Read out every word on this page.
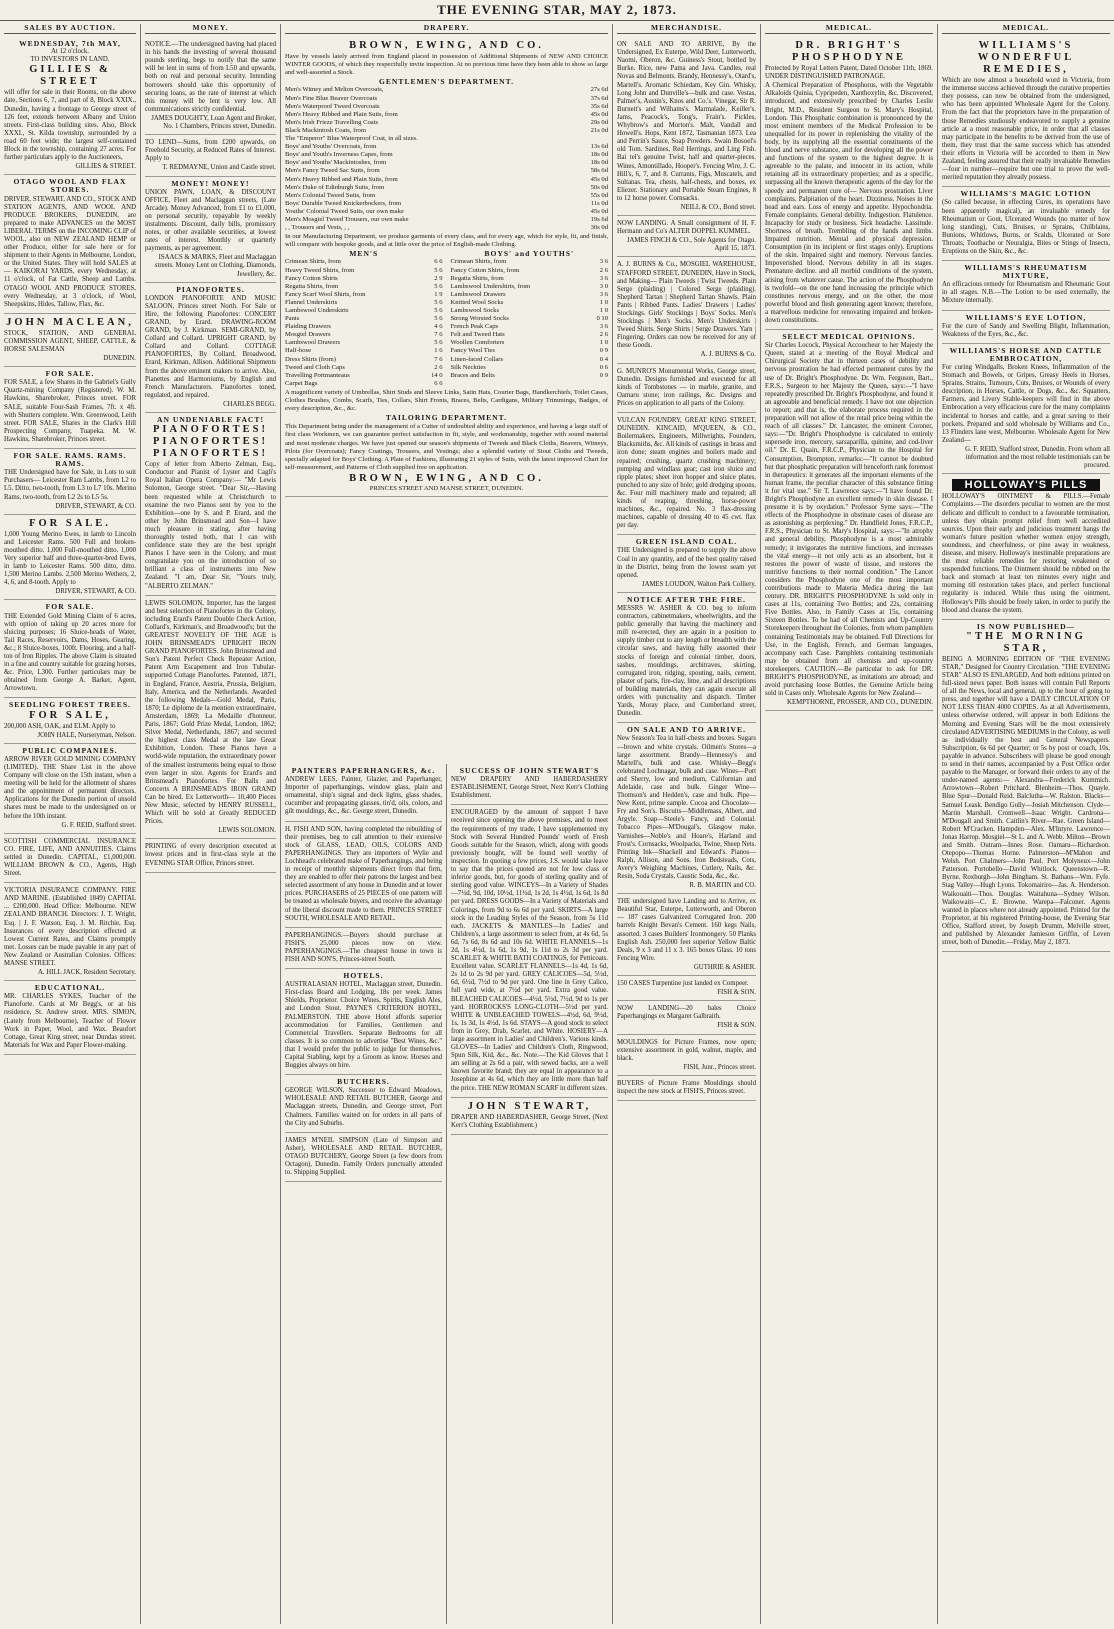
THE EVENING STAR, MAY 2, 1873.
SALES BY AUCTION.
WEDNESDAY, 7th MAY,
At 12 o'clock.
TO INVESTORS IN LAND.
GILLIES & STREET

will offer for sale in their Rooms, on the above date, Sections 6, 7, and part of 8, Block XXIX., Dunedin, having a frontage to George street of 126 feet, extends between Albany and Union streets. First-class building sites. Also, Block XXXI., St. Kilda township, surrounded by a road 60 feet wide; the largest self-contained Block in the township, containing 27 acres. For further particulars apply to the Auctioneers,

GILLIES & STREET.
OTAGO WOOL AND FLAX STORES.

DRIVER, STEWART, AND CO., STOCK AND STATION AGENTS, AND WOOL AND PRODUCE BROKERS, DUNEDIN, are prepared to make ADVANCES on the MOST LIBERAL TERMS on the INCOMING CLIP of WOOL, also on NEW ZEALAND HEMP or other Produce, either for sale here or for shipment to their Agents in Melbourne, London, or the United States. They will hold SALES at— KAIKORAI YARDS, every Wednesday, at 11 o'clock, of Fat Cattle, Sheep and Lambs. OTAGO WOOL AND PRODUCE STORES, every Wednesday, at 3 o'clock, of Wool, Sheepskins, Hides, Tallow, Flax, &c.

JOHN MACLEAN,

STOCK, STATION, AND GENERAL COMMISSION AGENT, SHEEP, CATTLE, & HORSE SALESMAN

DUNEDIN.
FOR SALE.

FOR SALE, a few Shares in the Gabriel's Gully Quartz-mining Company (Registered). W. M. Hawkins, Sharebroker, Princes street. FOR SALE, suitable Four-Sash Frames, 7ft. x 4ft. with Shutters complete. Wm. Greenwood, Leith street. FOR SALE, Shares in the Clark's Hill Prospecting Company, Tuapeka. M. W. Hawkins, Sharebroker, Princes street.

FOR SALE. RAMS. RAMS. RAMS.

THE Undersigned have for Sale, in Lots to suit Purchasers— Leicester Ram Lambs, from L2 to L5. Ditto, two-tooth, from L3 to L7 10s. Merino Rams, two-tooth, from L2 2s to L5 5s.

DRIVER, STEWART, & CO.
FOR SALE.

1,000 Young Merino Ewes, in lamb to Lincoln and Leicester Rams. 500 Full and broken-mouthed ditto. 1,000 Full-mouthed ditto. 1,000 Very superior half and three-quarter-bred Ewes, in lamb to Leicester Rams. 500 ditto, ditto. 1,500 Merino Lambs. 2,500 Merino Wethers, 2, 4, 6, and 8-tooth. Apply to

DRIVER, STEWART, & CO.
FOR SALE.

THE Extended Gold Mining Claim of 6 acres, with option of taking up 20 acres more for sluicing purposes; 16 Sluice-heads of Water, Tail Races, Reservoirs, Dams, Hoses, Gearing, &c.; 8 Sluice-boxes, 100ft. Flooring, and a half-ton of Iron Ripples. The above Claim is situated in a fine and country suitable for grazing horses, &c. Price, L300. Further particulars may be obtained from George A. Barker, Agent, Arrowtown.

SEEDLING FOREST TREES.
FOR SALE,

200,000 ASH, OAK, and ELM. Apply to

JOHN HALE, Nurseryman, Nelson.
PUBLIC COMPANIES.

ARROW RIVER GOLD MINING COMPANY (LIMITED). THE Share List in the above Company will close on the 15th instant, when a meeting will be held for the allotment of shares and the appointment of permanent directors. Applications for the Dunedin portion of unsold shares must be made to the undersigned on or before the 10th instant.

G. F. REID, Stafford street.

SCOTTISH COMMERCIAL INSURANCE CO. FIRE, LIFE, AND ANNUITIES. Claims settled in Dunedin. CAPITAL, £1,000,000. WILLIAM BROWN & CO., Agents, High Street.

VICTORIA INSURANCE COMPANY. FIRE AND MARINE. (Established 1849) CAPITAL ... £200,000. Head Office: Melbourne. NEW ZEALAND BRANCH. Directors: J. T. Wright, Esq. | J. F. Watson, Esq. J. M. Ritchie, Esq. Insurances of every description effected at Lowest Current Rates, and Claims promptly met. Losses can be made payable in any part of New Zealand or Australian Colonies. Offices: MANSE STREET.

A. HILL JACK, Resident Secretary.
EDUCATIONAL.

MR. CHARLES SYKES, Teacher of the Pianoforte. Cards at Mr Begg's, or at his residence, St. Andrew street. MRS. SIMON, (Lately from Melbourne), Teacher of Flower Work in Paper, Wool, and Wax. Beaufort Cottage, Great King street, near Dundas street. Materials for Wax and Paper Flower-making.

MONEY.

NOTICE.—The undersigned having had placed in his hands the investing of several thousand pounds sterling, begs to notify that the same will be lent in sums of from L50 and upwards, both on real and personal security. Intending borrowers should take this opportunity of securing loans, as the rate of interest at which this money will be lent is very low. All communications strictly confidential.

JAMES DOUGHTY, Loan Agent and Broker, No. 1 Chambers, Princes street, Dunedin.

TO LEND—Sums, from £200 upwards, on Freehold Security, at Reduced Rates of Interest. Apply to

T. REDMAYNE, Union and Castle street.
MONEY! MONEY!

UNION PAWN, LOAN, & DISCOUNT OFFICE, Fleet and Maclaggan streets, (Late Arcade). Money Advanced, from £1 to £1,000, on personal security, repayable by weekly instalments. Discount, daily bills, promissory notes, or other available securities, at lowest rates of interest. Monthly or quarterly payments, as per agreement.

ISAACS & MARKS, Fleet and Maclaggan streets. Money Lent on Clothing, Diamonds, Jewellery, &c.
PIANOFORTES.

LONDON PIANOFORTE AND MUSIC SALOON, Princes street North. For Sale or Hire, the following Pianofortes: CONCERT GRAND, by Erard. DRAWING-ROOM GRAND, by J. Kirkman. SEMI-GRAND, by Collard and Collard. UPRIGHT GRAND, by Collard and Collard. COTTAGE PIANOFORTES, By Collard, Broadwood, Erard, Kirkman, Allison. Additional Shipments from the above eminent makers to arrive. Also, Pianettes and Harmoniums, by English and French Manufacturers. Pianofortes toned, regulated, and repaired.

CHARLES BEGG.
AN UNDENIABLE FACT!
PIANOFORTES! PIANOFORTES! PIANOFORTES!

Copy of letter from Alberto Zelman, Esq., Conductor and Pianist of Lyster and Cagli's Royal Italian Opera Company:— "Mr Lewis Solomon, George street. "Dear Sir,—Having been requested while at Christchurch to examine the two Pianos sent by you to the Exhibition—one by S. and P. Erard, and the other by John Brinsmead and Son—I have much pleasure in stating, after having thoroughly tested both, that I can with confidence state they are the best upright Pianos I have seen in the Colony, and must congratulate you on the introduction of so brilliant a class of instruments into New Zealand. "I am, Dear Sir, "Yours truly, "ALBERTO ZELMAN."

LEWIS SOLOMON, Importer, has the largest and best selection of Pianofortes in the Colony, including Erard's Patent Double Check Action, Collard's, Kirkman's, and Broadwood's; but the GREATEST NOVELTY OF THE AGE is JOHN BRINSMEAD'S UPRIGHT IRON GRAND PIANOFORTES. John Brinsmead and Son's Patent Perfect Check Repeater Action, Patent Arm Escapement and Iron Tubular-supported Cottage Pianofortes. Patented, 1871, in England, France, Austria, Prussia, Belgium, Italy, America, and the Netherlands. Awarded the following Medals—Gold Medal, Paris, 1870; Le diplome de la mention extraordinaire, Amsterdam, 1869; La Medaille d'honneur, Paris, 1867; Gold Prize Medal, London, 1862; Silver Medal, Netherlands, 1867; and secured the highest class Medal at the late Great Exhibition, London. These Pianos have a world-wide reputation, the extraordinary power of the smallest instruments being equal to those even larger in size. Agents for Erard's and Brinsmead's Pianofortes. For Balls and Concerts A BRINSMEAD'S IRON GRAND Can be hired. Ex Letterworth— 10,400 Pieces New Music, selected by HENRY RUSSELL, Which will be sold at Greatly REDUCED Prices.

LEWIS SOLOMON.

PRINTING of every description executed at lowest prices and in first-class style at the EVENING STAR Office, Princes street.

DRAPERY.
BROWN, EWING, AND CO.

Have by vessels lately arrived from England placed in possession of Additional Shipments of NEW AND CHOICE WINTER GOODS, of which they respectfully invite inspection. At no previous time have they been able to show so large and well-assorted a Stock.

GENTLEMEN'S DEPARTMENT.
Men's Witney and Melton Overcoats,	27s 6d
Men's Fine Blue Beaver Overcoats	37s 6d
Men's Waterproof Tweed Overcoats	35s 6d
Men's Heavy Ribbed and Plain Suits, from	45s 0d
Men's Irish Frieze Travelling Coats	29s 0d
Black Mackintosh Coats, from	21s 0d
The "Emperor" Blue Waterproof Coat, in all sizes.
Boys' and Youths' Overcoats, from	13s 6d
Boys' and Youth's Inverness Capes, from	18s 0d
Boys' and Youths' Mackintoshes, from	18s 0d
Men's Fancy Tweed Sac Suits, from	58s 6d
Men's Heavy Ribbed and Plain Suits, from	45s 0d
Men's Duke of Edinburgh Suits, from	50s 0d
Men's Colonial Tweed Suits, from	55s 0d
Boys' Durable Tweed Knickerbockers, from	11s 0d
Youths' Colonial Tweed Suits, our own make	45s 0d
Men's Mosgiel Tweed Trousers, our own make	19s 6d
, , Trousers and Vests, , ,	30s 0d

In our Manufacturing Department, we produce garments of every class, and for every age, which for style, fit, and finish, will compare with bespoke goods, and at little over the price of English-made Clothing.

MEN'S
Crimean Shirts, from	6 6
Heavy Tweed Shirts, from	5 6
Fancy Cotton Shirts	2 9
Regatta Shirts, from	5 6
Fancy Scarf Wool Shirts, from	1 9
Flannel Underskirts	5 6
Lambswool Underskirts	5 6
Pants	5 6
Plaiding Drawers	4 6
Mosgiel Drawers	7 6
Lambswool Drawers	5 6
Half-hose	1 6
Dress Shirts (from)	7 6
Tweed and Cloth Caps	2 6
Travelling Portmanteaus	14 0
Carpet Bags	6 6
BOYS' and YOUTHS'
Crimean Shirts, from	3 6
Fancy Cotton Shirts, from	2 6
Regatta Shirts, from	3 6
Lambswool Undershirts, from	3 0
Lambswool Drawers	3 6
Knitted Wool Socks	1 0
Lambswool Socks	1 0
Strong Worsted Socks	0 10
French Peak Caps	3 6
Felt and Tweed Hats	2 6
Woollen Comforters	1 0
Fancy Wool Ties	0 9
Linen-faced Collars	0 4
Silk Neckties	0 6
Braces and Belts	0 9

A magnificent variety of Umbrellas, Shirt Studs and Sleeve Links, Satin Hats, Courier Bags, Handkerchiefs, Toilet Cases, Clothes Brushes, Combs, Scarfs, Ties, Collars, Shirt Fronts, Braces, Belts, Cardigans, Military Trimmings, Badges, of every description, &c., &c.

TAILORING DEPARTMENT.

This Department being under the management of a Cutter of undoubted ability and experience, and having a large staff of first class Workmen, we can guarantee perfect satisfaction in fit, style, and workmanship, together with sound material and most moderate charges. We have just opened our season's shipments of Tweeds and Black Cloths, Beavers, Witneys, Pilots (for Overcoats); Fancy Coatings, Trousers, and Vestings; also a splendid variety of Stout Cloths and Tweeds, specially adapted for Boys' Clothing. A Plate of Fashions, illustrating 21 styles of Suits, with the latest improved Chart for self-measurement, and Patterns of Cloth supplied free on application.

BROWN, EWING, AND CO.
PRINCES STREET AND MANSE STREET, DUNEDIN.
PAINTERS PAPERHANGERS, &c.

ANDREW LEES, Painter, Glazier, and Paperhanger, Importer of paperhangings, window glass, plain and ornamental, ship's signal and deck lights, glass shades, cucumber and propagating glasses, tin'd, oils, colors, and gilt mouldings, &c., &c. George street, Dunedin.

H. FISH AND SON, having completed the rebuilding of their premises, beg to call attention to their extensive stock of GLASS, LEAD, OILS, COLORS AND PAPERHANGINGS. They are importers of Wylie and Lochhead's celebrated make of Paperhangings, and being in receipt of monthly shipments direct from that firm, they are enabled to offer their patrons the largest and best selected assortment of any house in Dunedin and at lower prices. PURCHASERS of 25 PIECES of one pattern will be treated as wholesale buyers, and receive the advantage of the liberal discount made to them. PRINCES STREET SOUTH, WHOLESALE AND RETAIL.

PAPERHANGINGS.—Buyers should purchase at FISH'S. 25,000 pieces now on view. PAPERHANGINGS.—The cheapest house in town is FISH AND SON'S, Princes-street South.

HOTELS.

AUSTRALASIAN HOTEL, Maclaggan street, Dunedin. First-class Board and Lodging, 18s per week. James Shields, Proprietor. Choice Wines, Spirits, English Ales, and London Stout. PAYNE'S CRITERION HOTEL, PALMERSTON. THE above Hotel affords superior accommodation for Families, Gentlemen and Commercial Travellers. Separate Bedrooms for all classes. It is so common to advertise "Best Wines, &c." that I would prefer the public to judge for themselves. Capital Stabling, kept by a Groom as know. Horses and Buggies always on hire.

BUTCHERS.

GEORGE WILSON, Successor to Edward Meadows, WHOLESALE AND RETAIL BUTCHER, George and Maclaggan streets, Dunedin, and George street, Port Chalmers. Families waited on for orders in all parts of the City and Suburbs.

JAMES M'NEIL SIMPSON (Late of Simpson and Asher), WHOLESALE AND RETAIL BUTCHER, OTAGO BUTCHERY, George Street (a few doors from Octagon), Dunedin. Family Orders punctually attended to. Shipping Supplied.

SUCCESS OF JOHN STEWART'S

NEW DRAPERY AND HABERDASHERY ESTABLISHMENT, George Street, Next Kerr's Clothing Establishment.

ENCOURAGED by the amount of support I have received since opening the above premises, and to meet the requirements of my trade, I have supplemented my Stock with Several Hundred Pounds' worth of Fresh Goods suitable for the Season, which, along with goods previously bought, will be found well worthy of inspection. In quoting a few prices, J.S. would take leave to say that the prices quoted are not for low class or inferior goods, but, for goods of sterling quality and of sterling good value. WINCEYS—In a Variety of Shades—7½d, 9d, 10d, 10½d, 11½d, 1s 2d, 1s 4½d, 1s 6d, 1s 8d per yard. DRESS GOODS—In a Variety of Materials and Colorings, from 9d to 6s 6d per yard. SKIRTS—A large stock in the Leading Styles of the Season, from 5s 11d each. JACKETS & MANTLES—In Ladies' and Children's, a large assortment to select from, at 4s 6d, 5s 6d, 7s 6d, 8s 6d and 10s 6d. WHITE FLANNELS—1s 2d, 1s 4½d, 1s 6d, 1s 9d, 1s 11d to 2s 3d per yard. SCARLET & WHITE BATH COATINGS, for Petticoats. Excellent value. SCARLET FLANNELS—1s 4d, 1s 6d, 2s 1d to 2s 9d per yard. GREY CALICOES—5d, 5½d, 6d, 6½d, 7½d to 9d per yard. One line in Grey Calico, full yard wide, at 7½d per yard. Extra good value. BLEACHED CALICOES—4½d, 5½d, 7½d, 9d to 1s per yard. HORROCKS'S LONG-CLOTH—5½d per yard. WHITE & UNBLEACHED TOWELS—4½d, 6d, 9½d, 1s, 1s 3d, 1s 4½d, 1s 6d. STAYS—A good stock to select from in Grey, Drab, Scarlet, and White. HOSIERY—A large assortment in Ladies' and Children's. Various kinds. GLOVES—In Ladies' and Children's Cloth, Ringwood, Spun Silk, Kid, &c., &c. Note.—The Kid Gloves that I am selling at 2s 6d a pair, with sewed backs, are a well known favorite brand; they are equal in appearance to a Josephine at 4s 6d, which they are little more than half the price. THE NEW ROMAN SCARF in different sizes.

JOHN STEWART,

DRAPER AND HABERDASHER, George Street, (Next Kerr's Clothing Establishment.)

MERCHANDISE.

ON SALE AND TO ARRIVE, By the Undersigned, Ex Euterpe, Wild Deer, Lutterworth, Naomi, Oberon, &c. Guiness's Stout, bottled by Burke. Rice, new Patna and Java. Candles, real Novas and Belmonts. Brandy, Hennessy's, Otard's, Martell's. Aromatic Schiedam, Key Gin. Whisky, Long John and Dunville's—bulk and case. Vestas, Palmer's, Austin's, Knos and Co.'s. Vinegar, Sir R. Burnett's and Wilhams's. Marmalade, Keiller's. Jams, Peacock's, Tong's, Frain's. Pickles, Whybrow's and Morton's. Malt, Vandall and Howell's. Hops, Kent 1872, Tasmanian 1873. Lea and Perrin's Sauce, Soap Powders. Swain Bosoel's old Tom. Sardines, Red Herrings, and Ling Fish. Bai tel's genuine Twist, half and quarter-pieces. Wines, Amontillado, Hooper's. Fencing Wire, J. C. Hill's, 6, 7, and 8. Currants, Figs, Muscatels, and Sultanas. Tea, chests, half-chests, and boxes, ex Eliezer. Stationary and Portable Steam Engines, 8 to 12 horse power. Cornsacks.

NEILL & CO., Bond street.

NOW LANDING. A Small consignment of H. F. Hermann and Co's ALTER DOPPEL KUMMEL.

JAMES FINCH & CO., Sole Agents for Otago. April 15, 1873.

A. J. BURNS & Co., MOSGIEL WAREHOUSE, STAFFORD STREET, DUNEDIN, Have in Stock, and Making— Plain Tweeds | Twist Tweeds. Plain Serge (plaiding) | Colored Serge (plaiding). Shepherd Tartan | Shepherd Tartan Shawls. Plain Pants | Ribbed Pants. Ladies' Drawers | Ladies' Stockings. Girls' Stockings | Boys' Socks. Men's Stockings | Men's Socks. Men's Underskirts | Tweed Shirts. Serge Shirts | Serge Drawers. Yarn | Fingering. Orders can now be received for any of these Goods.

A. J. BURNS & Co.

G. MUNRO'S Monumental Works, George street, Dunedin. Designs furnished and executed for all kinds of Tombstones — in marble, granite, and Oamaru stone; iron railings, &c. Designs and Prices on application to all parts of the Colony.

VULCAN FOUNDRY, GREAT KING STREET, DUNEDIN. KINCAID, M'QUEEN, & CO., Boilermakers, Engineers, Millwrights, Founders, Blacksmiths, &c. All kinds of castings in brass and iron done; steam engines and boilers made and repaired; crushing, quartz crushing machinery; pumping and windlass gear; cast iron sluice and ripple plates; sheet iron hopper and sluice plates, punched to any size of hole; gold dredging spoons, &c. Four mill machinery made and repaired; all kinds of reaping, threshing, horse-power machines, &c., repaired. No. 3 flax-dressing machines, capable of dressing 40 to 45 cwt. flax per day.

GREEN ISLAND COAL.

THE Undersigned is prepared to supply the above Coal in any quantity, and of the best quality raised in the District, being from the lowest seam yet opened.

JAMES LOUDON, Walton Park Colliery.
NOTICE AFTER THE FIRE.

MESSRS W. ASHER & CO. beg to inform contractors, cabinetmakers, wheelwrights, and the public generally that having the machinery and mill re-erected, they are again in a position to supply timber cut to any length or breadth with the circular saws, and having fully assorted their stocks of foreign and colonial timber, doors, sashes, mouldings, architraves, skirting, corrugated iron, ridging, spouting, nails, cement, plaster of paris, fire-clay, lime, and all descriptions of building materials, they can again execute all orders with punctuality and dispatch. Timber Yards, Moray place, and Cumberland street, Dunedin.

ON SALE AND TO ARRIVE.

New Season's Tea in half-chests and boxes. Sugars—brown and white crystals. Oilmen's Stores—a large assortment. Brandy—Hennessy's and Martell's, bulk and case. Whisky—Begg's celebrated Lochnagar, bulk and case. Wines—Port and Sherry, low and medium, Californian and Adelaide, case and bulk. Ginger Wine—Thomson's and Hedden's, case and bulk. Pipe—New Kent, prime sample. Cocoa and Chocolate—Fry and Son's. Biscuits—Middlemass, Albert, and Argyle. Soap—Steele's Fancy, and Colonial. Tobacco Pipes—M'Dougal's, Glasgow make. Varnishes—Noble's and Hoare's, Harland and Frost's. Cornsacks, Woolpacks, Twine, Sheep Nets. Printing Ink—Shackell and Edward's. Pianos—Ralph, Allison, and Sons. Iron Bedsteads, Cots, Avery's Weighing Machines, Cutlery, Nails, &c. Resin, Soda Crystals, Caustic Soda, &c., &c.

R. B. MARTIN and CO.

THE undersigned have Landing and to Arrive, ex Beautiful Star, Euterpe, Lutterworth, and Oberon— 187 cases Galvanized Corrugated Iron. 200 barrels Knight Bevan's Cement. 160 kegs Nails, assorted. 3 cases Builders' Ironmongery. 50 Planks English Ash. 250,000 feet superior Yellow Baltic Deals, 9 x 3 and 11 x 3. 165 boxes Glass. 10 tons Fencing Wire.

GUTHRIE & ASHER.

150 CASES Turpentine just landed ex Compeer.

FISH & SON.

NOW LANDING—20 bales Choice Paperhangings ex Margaret Galbraith.

FISH & SON.

MOULDINGS for Picture Frames, now open; extensive assortment in gold, walnut, maple, and black.

FISH, Junr., Princes street.

BUYERS of Picture Frame Mouldings should inspect the new stock at FISH'S, Princes street.

MEDICAL.
DR. BRIGHT'S PHOSPHODYNE

Protected by Royal Letters Patent, Dated October 11th, 1869. UNDER DISTINGUISHED PATRONAGE.

A Chemical Preparation of Phosphorus, with the Vegetable Alkaloids Quinia, Cypripeden, Xanthoxylin, &c. Discovered, introduced, and extensively prescribed by Charles Leslie Bright, M.D., Resident Surgeon to St. Mary's Hospital, London. This Phosphatic combination is pronounced by the most eminent members of the Medical Profession to be unequalled for its power in replenishing the vitality of the body, by its supplying all the essential constituents of the blood and nerve substance, and for developing all the power and functions of the system to the highest degree. It is agreeable to the palate, and innocent in its action, while retaining all its extraordinary properties; and as a specific, surpassing all the known therapeutic agents of the day for the speedy and permanent cure of— Nervous prostration. Liver complaints. Palpitation of the heart. Dizziness. Noises in the head and ears. Loss of energy and appetite. Hypochondria. Female complaints. General debility. Indigestion. Flatulence. Incapacity for study or business. Sick headache. Lassitude. Shortness of breath. Trembling of the hands and limbs. Impaired nutrition. Mental and physical depression. Consumption (in its incipient or first stages only). Eruptions of the skin. Impaired sight and memory. Nervous fancies. Impoverished blood. Nervous debility in all its stages. Premature decline. and all morbid conditions of the system, arising from whatever cause. The action of the Phosphodyne is twofold—on the one hand increasing the principle which constitutes nervous energy, and on the other, the most powerful blood and flesh generating agent known; therefore, a marvellous medicine for renovating impaired and broken-down constitutions.

SELECT MEDICAL OPINIONS.

Sir Charles Locock, Physical Accoucheur to her Majesty the Queen, stated at a meeting of the Royal Medical and Chirurgical Society that in thirteen cases of debility and nervous prostration he had effected permanent cures by the use of Dr. Bright's Phosphodyne. Dr. Wm. Ferguson, Bart., F.R.S., Surgeon to her Majesty the Queen, says:—"I have repeatedly prescribed Dr. Bright's Phosphodyne, and found it an agreeable and beneficial remedy. I have not one objection to report; and that is, the elaborate process required in the preparation will not allow of the retail price being within the reach of all classes." Dr. Lancaster, the eminent Coroner, says:—"Dr. Bright's Phosphodyne is calculated to entirely supersede iron, mercury, sarsaparilla, quinine, and cod-liver oil." Dr. E. Quain, F.R.C.P., Physician to the Hospital for Consumption, Brompton, remarks:—"It cannot be doubted but that phosphatic preparation will henceforth rank foremost in therapeutics: it generates all the important elements of the human frame, the peculiar character of this substance fitting it for vital use." Sir T. Lawrence says:—"I have found Dr. Bright's Phosphodyne an excellent remedy in skin disease. I presume it is by oxydation." Professor Syme says:—"The effects of the Phosphodyne in obstinate cases of disease are as astonishing as perplexing." Dr. Handfield Jones, F.R.C.P., F.R.S., Physician to St. Mary's Hospital, says:—"In atrophy and general debility, Phosphodyne is a most admirable remedy; it invigorates the nutritive functions, and increases the vital energy—it not only acts as an absorbent, but it restores the power of waste of tissue, and restores the nutritive functions to their normal condition." The Lancet considers the Phosphodyne one of the most important contributions made to Materia Medica during the last century. DR. BRIGHT'S PHOSPHODYNE Is sold only in cases at 11s, containing Two Bottles; and 22s, containing Five Bottles. Also, in Family Cases at 15s, containing Sixteen Bottles. To be had of all Chemists and Up-Country Storekeepers throughout the Colonies, from whom pamphlets containing Testimonials may be obtained. Full Directions for Use, in the English, French, and German languages, accompany each Case. Pamphlets containing testimonials may be obtained from all chemists and up-country storekeepers. CAUTION.—Be particular to ask for DR. BRIGHT'S PHOSPHODYNE, as imitations are abroad; and avoid purchasing loose Bottles, the Genuine Article being sold in Cases only. Wholesale Agents for New Zealand—

KEMPTHORNE, PROSSER, AND CO., DUNEDIN.
MEDICAL.
WILLIAMS'S WONDERFUL REMEDIES,

Which are now almost a household word in Victoria, from the immense success achieved through the curative properties they possess, can now be obtained from the undersigned, who has been appointed Wholesale Agent for the Colony. From the fact that the proprietors have in the preparation of those Remedies studiously endeavored to supply a genuine article at a most reasonable price, in order that all classes may participate in the benefits to be derived from the use of them, they trust that the same success which has attended their efforts in Victoria will be accorded to them in New Zealand, feeling assured that their really invaluable Remedies—four in number—require but one trial to prove the well-merited reputation they already possess.

WILLIAMS'S MAGIC LOTION

(So called because, in effecting Cures, its operations have been apparently magical), an invaluable remedy for Rheumatism or Gout, Ulcerated Wounds (no matter of how long standing), Cuts, Bruises, or Sprains, Chilblains, Bunions, Whitlows, Burns, or Scalds, Ulcerated or Sore Throats, Toothache or Neuralgia, Bites or Stings of Insects, Eruptions on the Skin, &c., &c.

WILLIAMS'S RHEUMATISM MIXTURE,

An efficacious remedy for Rheumatism and Rheumatic Gout in all stages. N.B.—The Lotion to be used externally, the Mixture internally.

WILLIAMS'S EYE LOTION,

For the cure of Sandy and Swelling Blight, Inflammation, Weakness of the Eyes, &c., &c.

WILLIAMS'S HORSE AND CATTLE EMBROCATION,

For curing Windgalls, Broken Knees, Inflammation of the Stomach and Bowels, or Gripes, Greasy Heels in Horses, Sprains, Strains, Tumours, Cuts, Bruises, or Wounds of every description, in Horses, Cattle, or Dogs, &c., &c. Squatters, Farmers, and Livery Stable-keepers will find in the above Embrocation a very efficacious cure for the many complaints incidental to horses and cattle, and a great saving to their pockets. Prepared and sold wholesale by Williams and Co., 13 Flinders lane west, Melbourne. Wholesale Agent for New Zealand—

G. F. REID, Stafford street, Dunedin. From whom all information and the most reliable testimonials can be procured.
HOLLOWAY'S PILLS

HOLLOWAY'S OINTMENT & PILLS.—Female Complaints.—The disorders peculiar to women are the most delicate and difficult to conduct to a favourable termination, unless they obtain prompt relief from well accredited sources. Upon their early and judicious treatment hangs the woman's future position whether women enjoy strength, soundness, and cheerfulness, or pine away in weakness, disease, and misery. Holloway's inestimable preparations are the most reliable remedies for restoring weakened or suspended functions. The Ointment should be rubbed on the back and stomach at least ten minutes every night and morning till restoration takes place, and perfect functional regularity is induced. While thus using the ointment, Holloway's Pills should be freely taken, in order to purify the blood and cleanse the system.

IS NOW PUBLISHED—
"THE MORNING STAR,

BEING A MORNING EDITION OF "THE EVENING STAR," Designed for Country Circulation. "THE EVENING STAR" ALSO IS ENLARGED, And both editions printed on full-sized news paper. Both issues will contain Full Reports of all the News, local and general, up to the hour of going to press, and together will have a DAILY CIRCULATION OF NOT LESS THAN 4000 COPIES. As at all Advertisements, unless otherwise ordered, will appear in both Editions the Morning and Evening Stars will be the most extensively circulated ADVERTISING MEDIUMS in the Colony, as well as individually the best and General Newspapers. Subscription, 6s 6d per Quarter; or 5s by post or coach, 10s, payable in advance. Subscribers will please be good enough to send in their names, accompanied by a Post Office order payable to the Manager, or forward their orders to any of the under-named agents:— Alexandra—Frederick Kummich. Arrowtown—Robert Pritchard. Blenheim—Thos. Quayle. Blue Spur—Donald Reid. Balclutha—W. Ralston. Blacks—Samuel Leask. Bendigo Gully—Josiah Mitchenson. Clyde—Martin Marshall. Cromwell—Isaac Wright. Cardrona—M'Dougall and Smith. Caitlin's River—Rae. Green Island—Robert M'Cracken. Hampden—Alex. M'Intyre. Lawrence—Jonas Harrop. Mosgiel—St L. and A. Webb. Milton—Brown and Smith. Outram—Innes Rose. Oamaru—Richardson. Otepopo—Thomas Horne. Palmerston—M'Mahon and Welsh. Port Chalmers—John Paul. Port Molyneux—John Patterson. Portobello—David Whitlock. Queenstown—R. Byrne. Roxburgh—John Bingham. St. Bathans—Wm. Fyfe. Stag Valley—Hugh Lyons. Tokomairiro—Jas. A. Henderson. Waikouaiti—Thos. Douglas. Waitahuna—Sydney Wilson. Waikowaiti—C. E. Browne. Warepa—Falconer. Agents wanted in places where not already appointed. Printed for the Proprietor, at his registered Printing-house, the Evening Star Office, Stafford street, by Joseph Drumm, Melville street, and published by Alexander Jamieson Griffin, of Leven street, both of Dunedin.—Friday, May 2, 1873.
